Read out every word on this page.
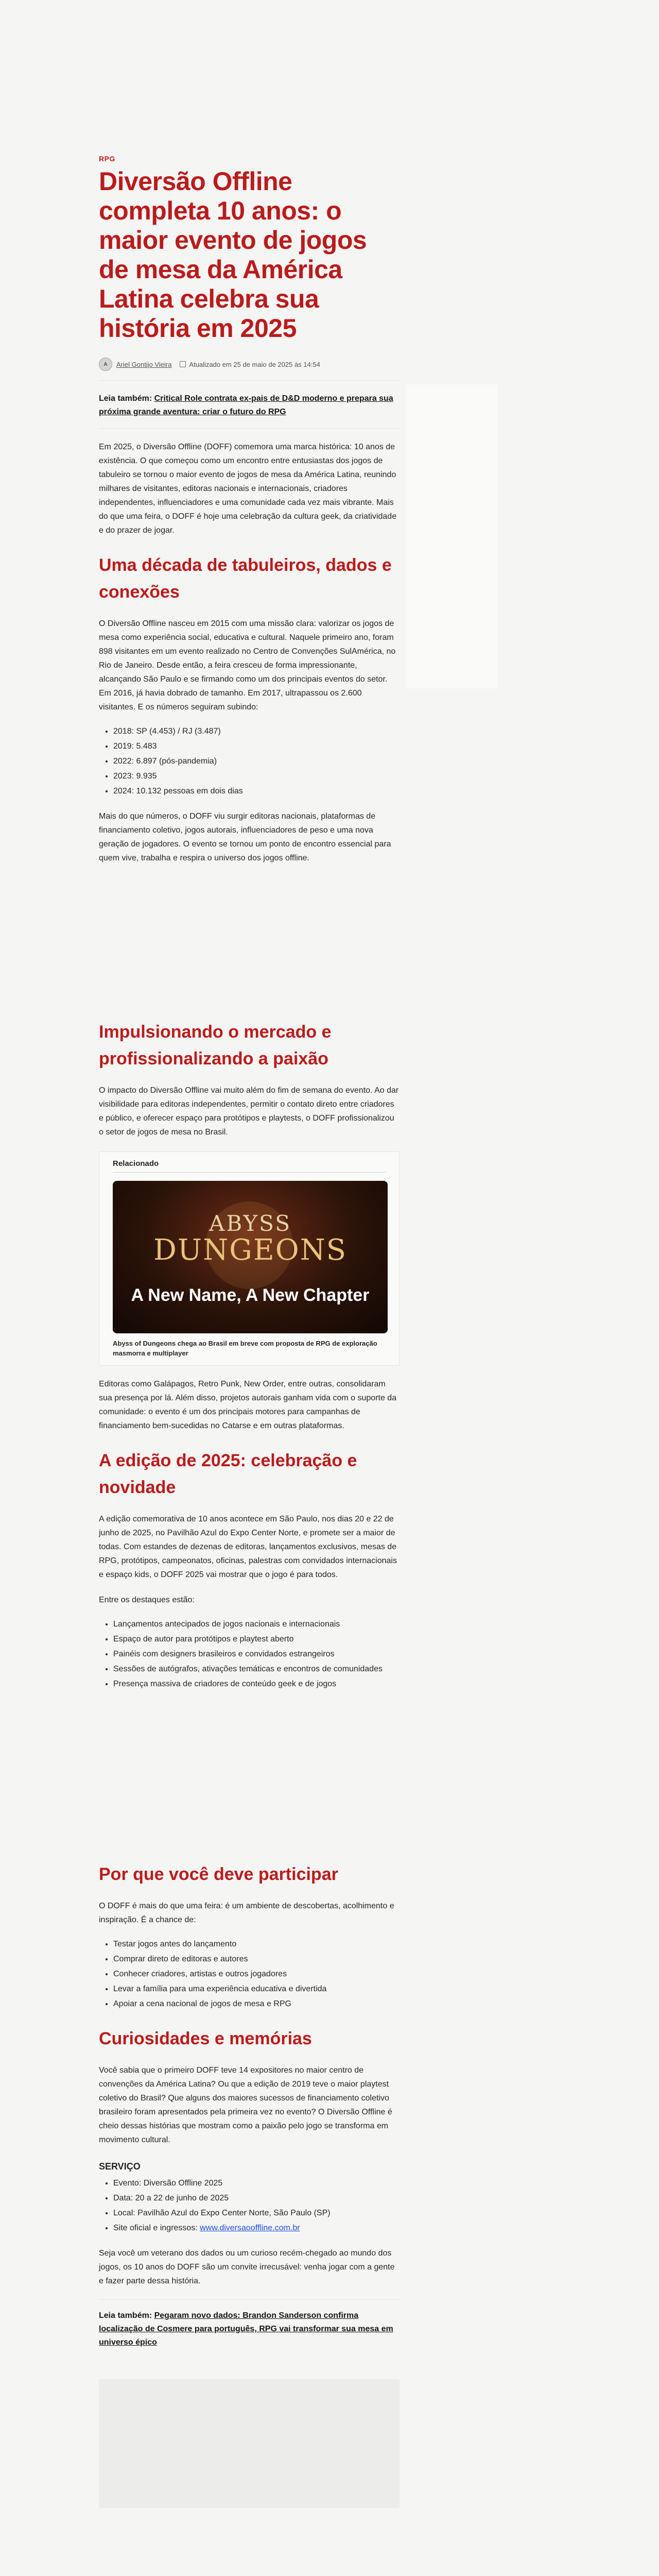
RPG
Diversão Offline completa 10 anos: o maior evento de jogos de mesa da América Latina celebra sua história em 2025
A	Ariel Gontijo Vieira	Atualizado em 25 de maio de 2025 às 14:54
Leia também: Critical Role contrata ex-pais de D&D moderno e prepara sua próxima grande aventura: criar o futuro do RPG

Em 2025, o Diversão Offline (DOFF) comemora uma marca histórica: 10 anos de existência. O que começou como um encontro entre entusiastas dos jogos de tabuleiro se tornou o maior evento de jogos de mesa da América Latina, reunindo milhares de visitantes, editoras nacionais e internacionais, criadores independentes, influenciadores e uma comunidade cada vez mais vibrante. Mais do que uma feira, o DOFF é hoje uma celebração da cultura geek, da criatividade e do prazer de jogar.

Uma década de tabuleiros, dados e conexões

O Diversão Offline nasceu em 2015 com uma missão clara: valorizar os jogos de mesa como experiência social, educativa e cultural. Naquele primeiro ano, foram 898 visitantes em um evento realizado no Centro de Convenções SulAmérica, no Rio de Janeiro. Desde então, a feira cresceu de forma impressionante, alcançando São Paulo e se firmando como um dos principais eventos do setor. Em 2016, já havia dobrado de tamanho. Em 2017, ultrapassou os 2.600 visitantes. E os números seguiram subindo:

• 2018: SP (4.453) / RJ (3.487)
• 2019: 5.483
• 2022: 6.897 (pós-pandemia)
• 2023: 9.935
• 2024: 10.132 pessoas em dois dias

Mais do que números, o DOFF viu surgir editoras nacionais, plataformas de financiamento coletivo, jogos autorais, influenciadores de peso e uma nova geração de jogadores. O evento se tornou um ponto de encontro essencial para quem vive, trabalha e respira o universo dos jogos offline.

Impulsionando o mercado e profissionalizando a paixão

O impacto do Diversão Offline vai muito além do fim de semana do evento. Ao dar visibilidade para editoras independentes, permitir o contato direto entre criadores e público, e oferecer espaço para protótipos e playtests, o DOFF profissionalizou o setor de jogos de mesa no Brasil.

Relacionado
ABYSS
DUNGEONS
A New Name, A New Chapter
Abyss of Dungeons chega ao Brasil em breve com proposta de RPG de exploração masmorra e multiplayer

Editoras como Galápagos, Retro Punk, New Order, entre outras, consolidaram sua presença por lá. Além disso, projetos autorais ganham vida com o suporte da comunidade: o evento é um dos principais motores para campanhas de financiamento bem-sucedidas no Catarse e em outras plataformas.

A edição de 2025: celebração e novidade

A edição comemorativa de 10 anos acontece em São Paulo, nos dias 20 e 22 de junho de 2025, no Pavilhão Azul do Expo Center Norte, e promete ser a maior de todas. Com estandes de dezenas de editoras, lançamentos exclusivos, mesas de RPG, protótipos, campeonatos, oficinas, palestras com convidados internacionais e espaço kids, o DOFF 2025 vai mostrar que o jogo é para todos.

Entre os destaques estão:

• Lançamentos antecipados de jogos nacionais e internacionais
• Espaço de autor para protótipos e playtest aberto
• Painéis com designers brasileiros e convidados estrangeiros
• Sessões de autógrafos, ativações temáticas e encontros de comunidades
• Presença massiva de criadores de conteúdo geek e de jogos
Por que você deve participar

O DOFF é mais do que uma feira: é um ambiente de descobertas, acolhimento e inspiração. É a chance de:

• Testar jogos antes do lançamento
• Comprar direto de editoras e autores
• Conhecer criadores, artistas e outros jogadores
• Levar a família para uma experiência educativa e divertida
• Apoiar a cena nacional de jogos de mesa e RPG
Curiosidades e memórias

Você sabia que o primeiro DOFF teve 14 expositores no maior centro de convenções da América Latina? Ou que a edição de 2019 teve o maior playtest coletivo do Brasil? Que alguns dos maiores sucessos de financiamento coletivo brasileiro foram apresentados pela primeira vez no evento? O Diversão Offline é cheio dessas histórias que mostram como a paixão pelo jogo se transforma em movimento cultural.

SERVIÇO
• Evento: Diversão Offline 2025
• Data: 20 a 22 de junho de 2025
• Local: Pavilhão Azul do Expo Center Norte, São Paulo (SP)
• Site oficial e ingressos: www.diversaooffline.com.br

Seja você um veterano dos dados ou um curioso recém-chegado ao mundo dos jogos, os 10 anos do DOFF são um convite irrecusável: venha jogar com a gente e fazer parte dessa história.

Leia também: Pegaram novo dados: Brandon Sanderson confirma localização de Cosmere para português, RPG vai transformar sua mesa em universo épico
